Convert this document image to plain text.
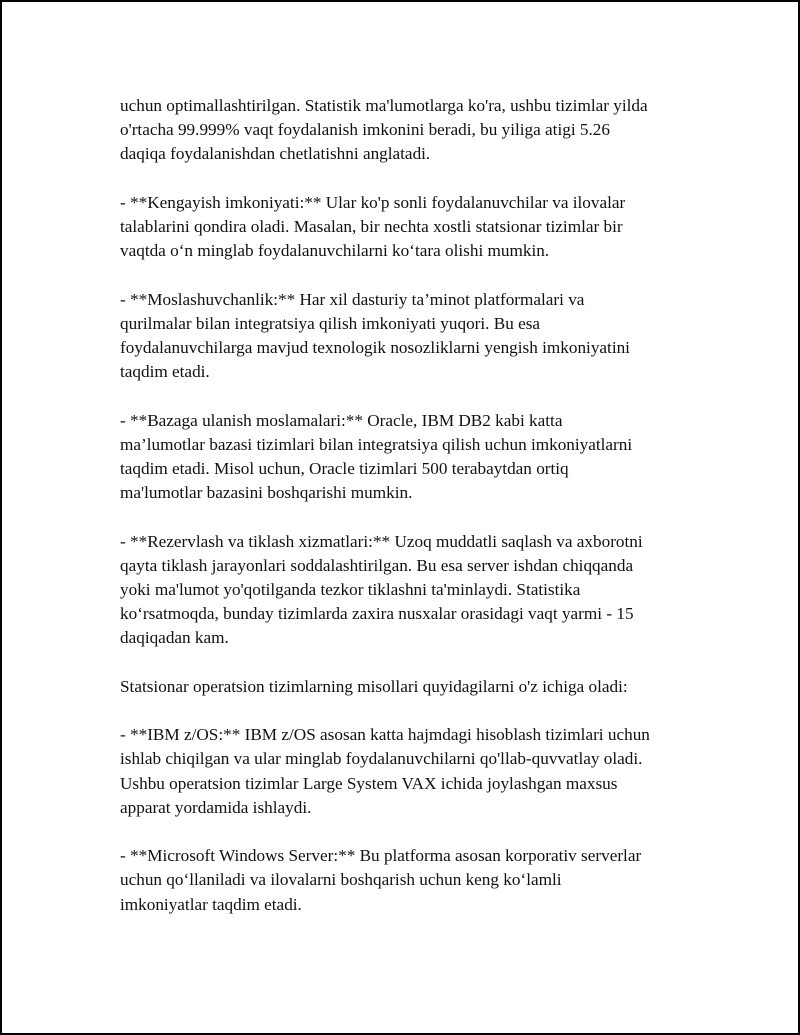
uchun optimallashtirilgan. Statistik ma'lumotlarga ko'ra, ushbu tizimlar yilda
o'rtacha 99.999% vaqt foydalanish imkonini beradi, bu yiliga atigi 5.26
daqiqa foydalanishdan chetlatishni anglatadi.

- **Kengayish imkoniyati:** Ular ko'p sonli foydalanuvchilar va ilovalar
talablarini qondira oladi. Masalan, bir nechta xostli statsionar tizimlar bir
vaqtda o‘n minglab foydalanuvchilarni ko‘tara olishi mumkin.

- **Moslashuvchanlik:** Har xil dasturiy ta’minot platformalari va
qurilmalar bilan integratsiya qilish imkoniyati yuqori. Bu esa
foydalanuvchilarga mavjud texnologik nosozliklarni yengish imkoniyatini
taqdim etadi.

- **Bazaga ulanish moslamalari:** Oracle, IBM DB2 kabi katta
ma’lumotlar bazasi tizimlari bilan integratsiya qilish uchun imkoniyatlarni
taqdim etadi. Misol uchun, Oracle tizimlari 500 terabaytdan ortiq
ma'lumotlar bazasini boshqarishi mumkin.

- **Rezervlash va tiklash xizmatlari:** Uzoq muddatli saqlash va axborotni
qayta tiklash jarayonlari soddalashtirilgan. Bu esa server ishdan chiqqanda
yoki ma'lumot yo'qotilganda tezkor tiklashni ta'minlaydi. Statistika
ko‘rsatmoqda, bunday tizimlarda zaxira nusxalar orasidagi vaqt yarmi - 15
daqiqadan kam.

Statsionar operatsion tizimlarning misollari quyidagilarni o'z ichiga oladi:

- **IBM z/OS:** IBM z/OS asosan katta hajmdagi hisoblash tizimlari uchun
ishlab chiqilgan va ular minglab foydalanuvchilarni qo'llab-quvvatlay oladi.
Ushbu operatsion tizimlar Large System VAX ichida joylashgan maxsus
apparat yordamida ishlaydi.

- **Microsoft Windows Server:** Bu platforma asosan korporativ serverlar
uchun qo‘llaniladi va ilovalarni boshqarish uchun keng ko‘lamli
imkoniyatlar taqdim etadi.
